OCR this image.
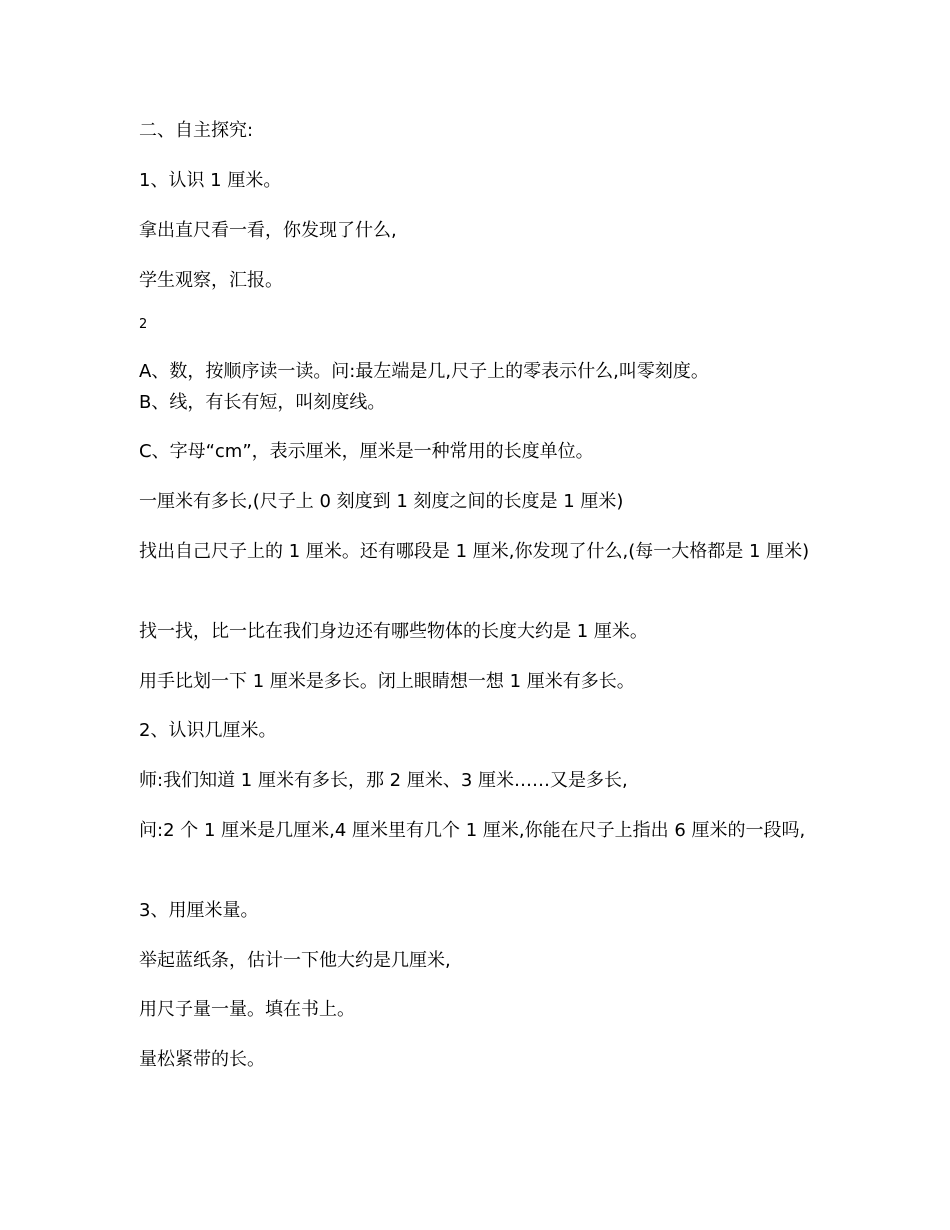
二、自主探究:
1、认识 1 厘米。
拿出直尺看一看，你发现了什么,
学生观察，汇报。
2
A、数，按顺序读一读。问:最左端是几,尺子上的零表示什么,叫零刻度。
B、线，有长有短，叫刻度线。
C、字母“cm”，表示厘米，厘米是一种常用的长度单位。
一厘米有多长,(尺子上 0 刻度到 1 刻度之间的长度是 1 厘米)
找出自己尺子上的 1 厘米。还有哪段是 1 厘米,你发现了什么,(每一大格都是 1 厘米)
找一找，比一比在我们身边还有哪些物体的长度大约是 1 厘米。
用手比划一下 1 厘米是多长。闭上眼睛想一想 1 厘米有多长。
2、认识几厘米。
师:我们知道 1 厘米有多长，那 2 厘米、3 厘米……又是多长,
问:2 个 1 厘米是几厘米,4 厘米里有几个 1 厘米,你能在尺子上指出 6 厘米的一段吗,
3、用厘米量。
举起蓝纸条，估计一下他大约是几厘米,
用尺子量一量。填在书上。
量松紧带的长。
